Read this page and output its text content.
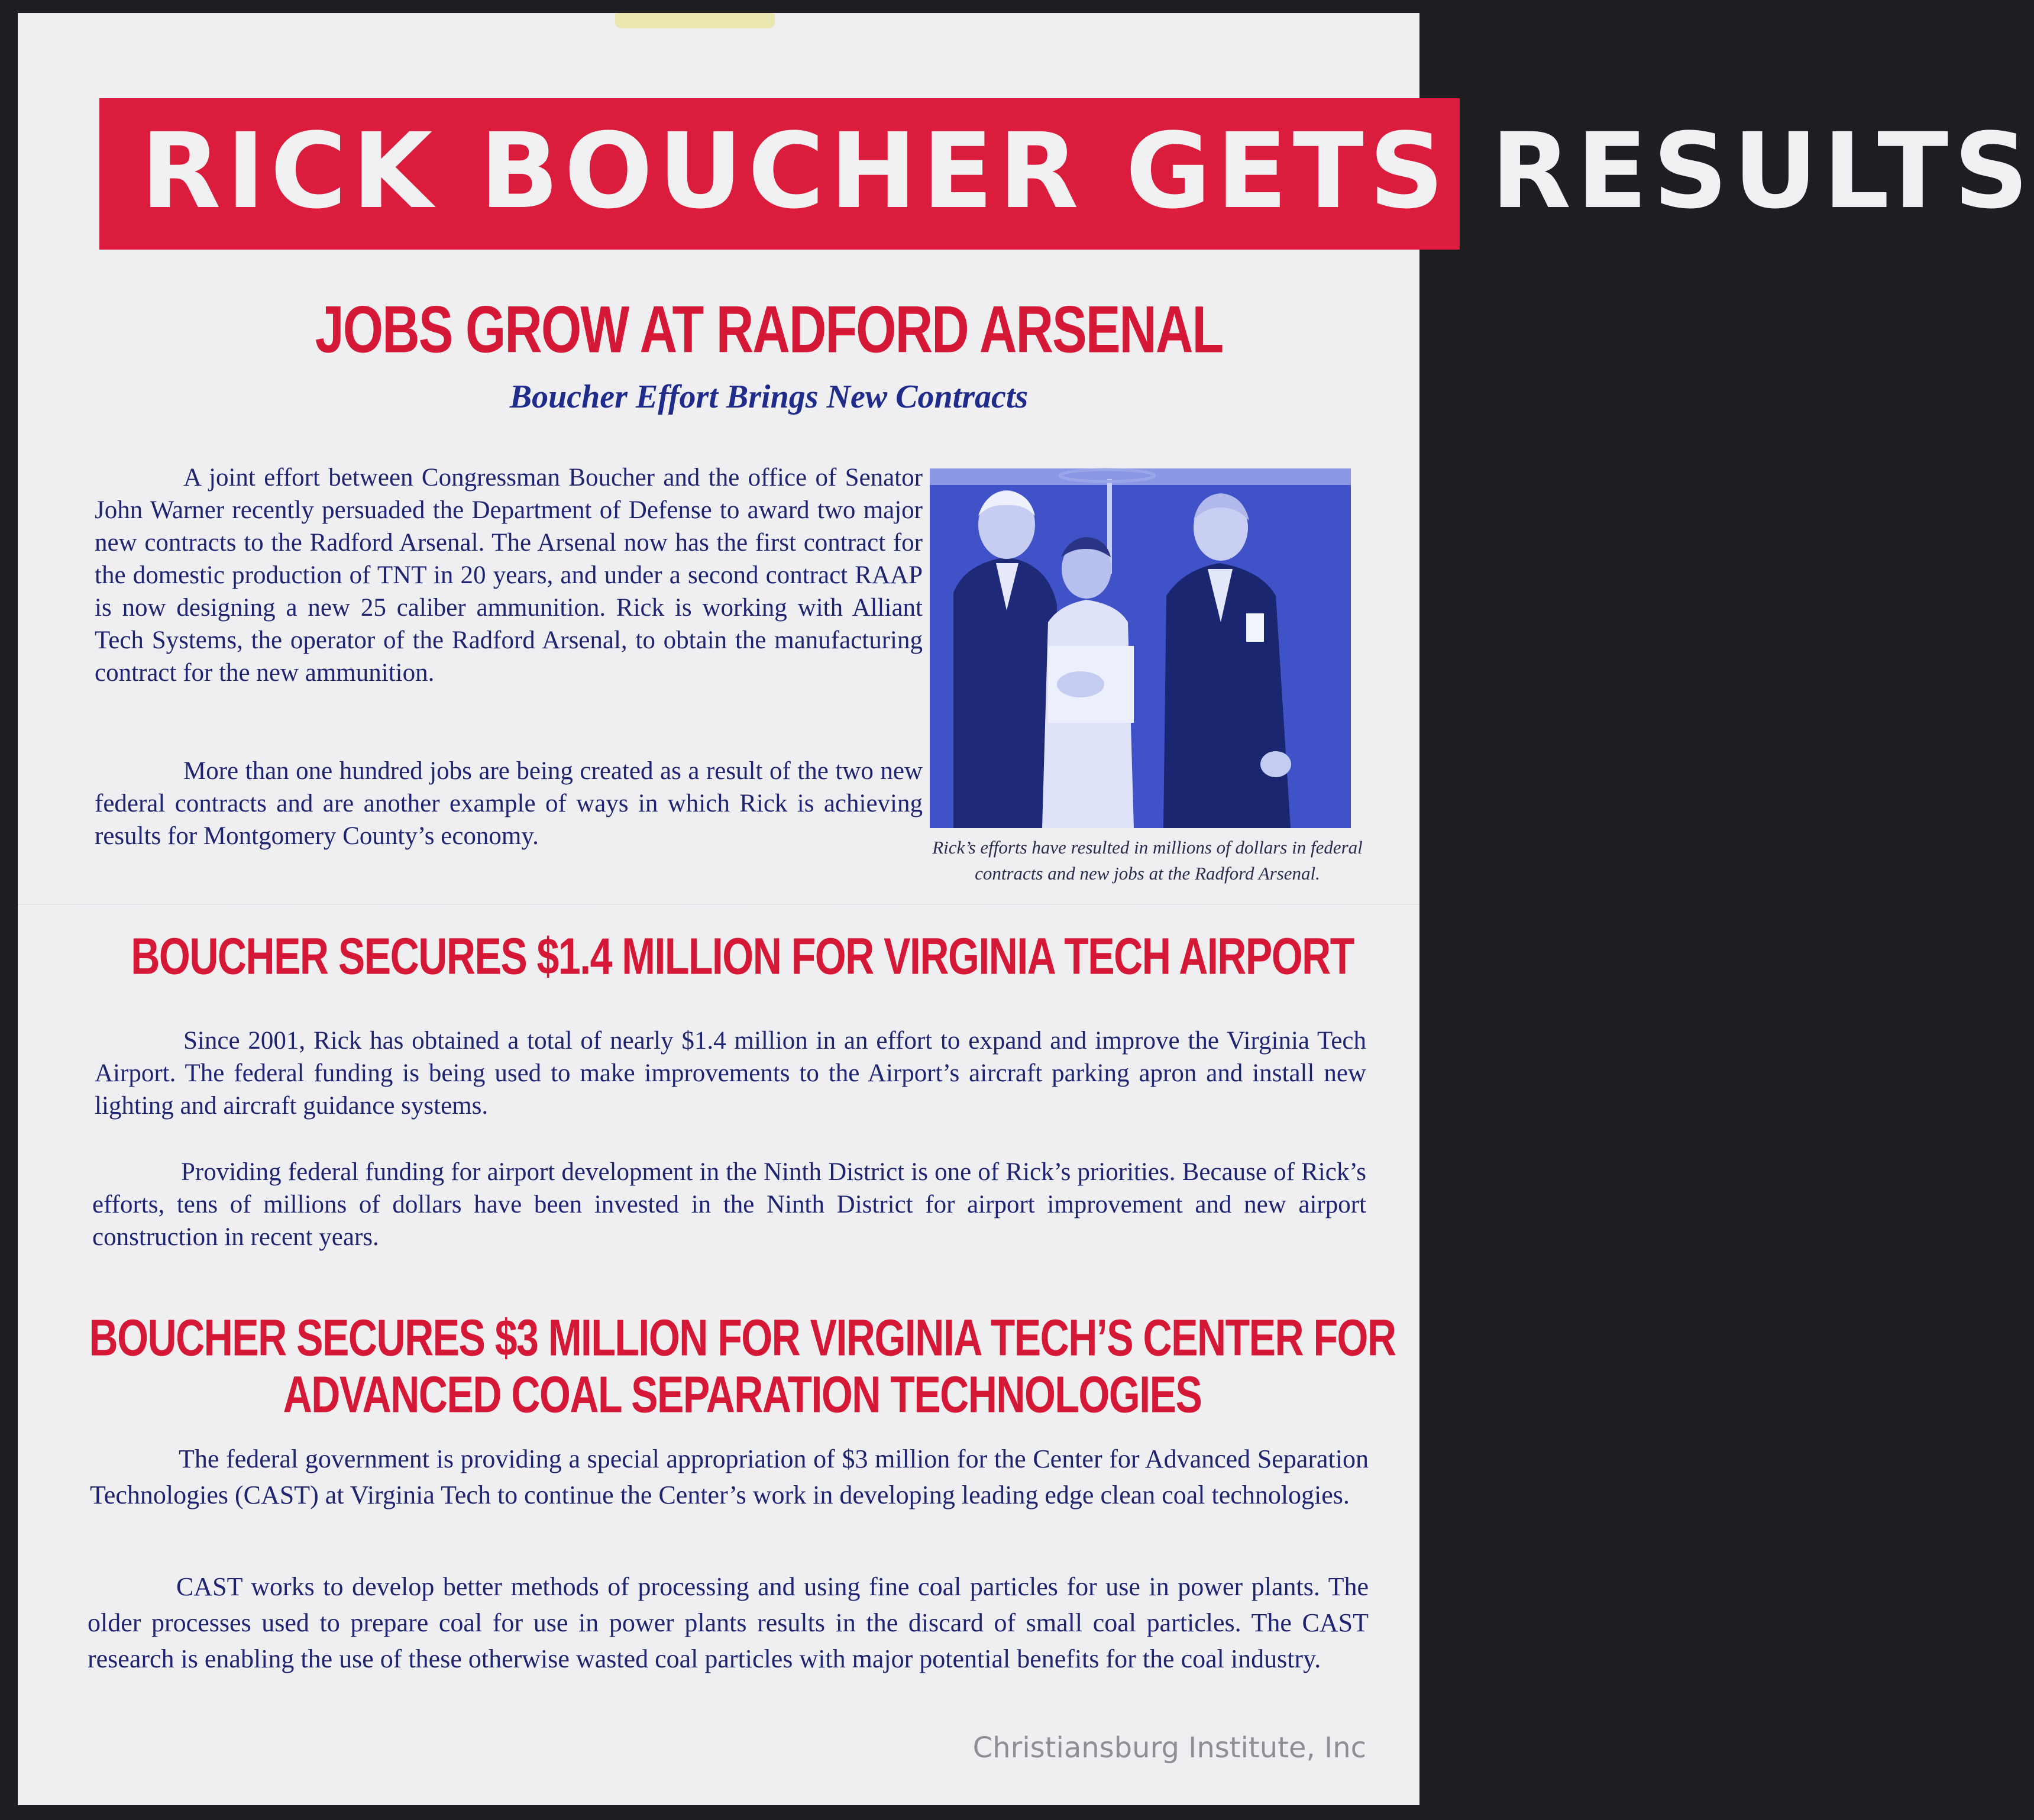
RICK BOUCHER GETS RESULTS
JOBS GROW AT RADFORD ARSENAL
Boucher Effort Brings New Contracts

A joint effort between Congressman Boucher and the office of Senator John Warner recently persuaded the Department of Defense to award two major new contracts to the Radford Arsenal. The Arsenal now has the first contract for the domestic production of TNT in 20 years, and under a second contract RAAP is now designing a new 25 caliber ammunition. Rick is working with Alliant Tech Systems, the operator of the Radford Arsenal, to obtain the manufacturing contract for the new ammunition.

More than one hundred jobs are being created as a result of the two new federal contracts and are another example of ways in which Rick is achieving results for Montgomery County’s economy.	Rick’s efforts have resulted in millions of dollars in federal contracts and new jobs at the Radford Arsenal.

BOUCHER SECURES $1.4 MILLION FOR VIRGINIA TECH AIRPORT

Since 2001, Rick has obtained a total of nearly $1.4 million in an effort to expand and improve the Virginia Tech Airport. The federal funding is being used to make improvements to the Airport’s aircraft parking apron and install new lighting and aircraft guidance systems.

Providing federal funding for airport development in the Ninth District is one of Rick’s priorities. Because of Rick’s efforts, tens of millions of dollars have been invested in the Ninth District for airport improvement and new airport construction in recent years.

BOUCHER SECURES $3 MILLION FOR VIRGINIA TECH’S CENTER FOR
ADVANCED COAL SEPARATION TECHNOLOGIES

The federal government is providing a special appropriation of $3 million for the Center for Advanced Separation Technologies (CAST) at Virginia Tech to continue the Center’s work in developing leading edge clean coal technologies.

CAST works to develop better methods of processing and using fine coal particles for use in power plants. The older processes used to prepare coal for use in power plants results in the discard of small coal particles. The CAST research is enabling the use of these otherwise wasted coal particles with major potential benefits for the coal industry.

Christiansburg Institute, Inc
